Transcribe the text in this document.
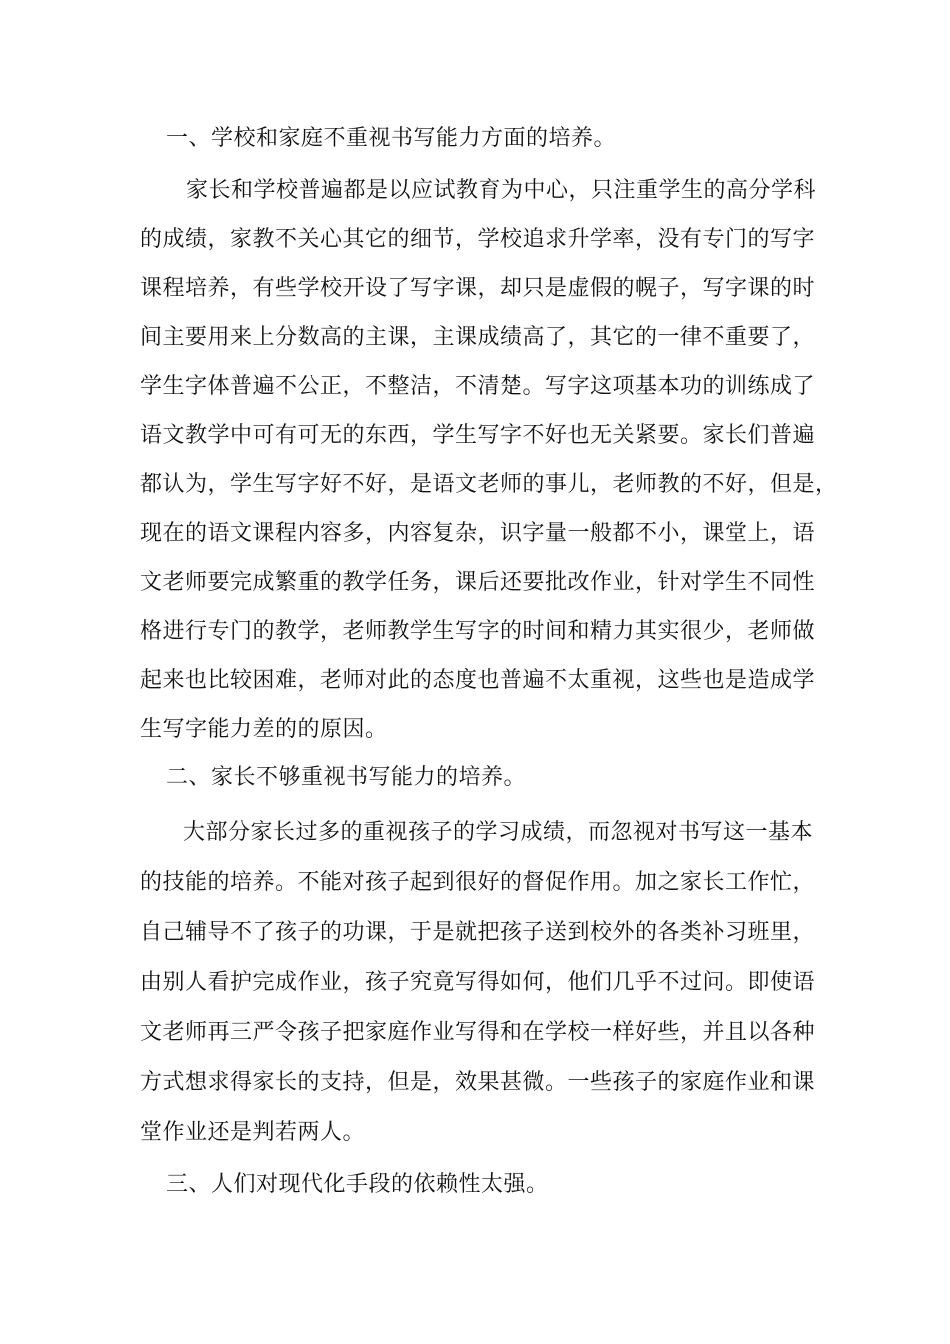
一、学校和家庭不重视书写能力方面的培养。
家长和学校普遍都是以应试教育为中心，只注重学生的高分学科
的成绩，家教不关心其它的细节，学校追求升学率，没有专门的写字
课程培养，有些学校开设了写字课，却只是虚假的幌子，写字课的时
间主要用来上分数高的主课，主课成绩高了，其它的一律不重要了，
学生字体普遍不公正，不整洁，不清楚。写字这项基本功的训练成了
语文教学中可有可无的东西，学生写字不好也无关紧要。家长们普遍
都认为，学生写字好不好，是语文老师的事儿，老师教的不好，但是，
现在的语文课程内容多，内容复杂，识字量一般都不小，课堂上，语
文老师要完成繁重的教学任务，课后还要批改作业，针对学生不同性
格进行专门的教学，老师教学生写字的时间和精力其实很少，老师做
起来也比较困难，老师对此的态度也普遍不太重视，这些也是造成学
生写字能力差的的原因。
二、家长不够重视书写能力的培养。
大部分家长过多的重视孩子的学习成绩，而忽视对书写这一基本
的技能的培养。不能对孩子起到很好的督促作用。加之家长工作忙，
自己辅导不了孩子的功课，于是就把孩子送到校外的各类补习班里，
由别人看护完成作业，孩子究竟写得如何，他们几乎不过问。即使语
文老师再三严令孩子把家庭作业写得和在学校一样好些，并且以各种
方式想求得家长的支持，但是，效果甚微。一些孩子的家庭作业和课
堂作业还是判若两人。
三、人们对现代化手段的依赖性太强。
